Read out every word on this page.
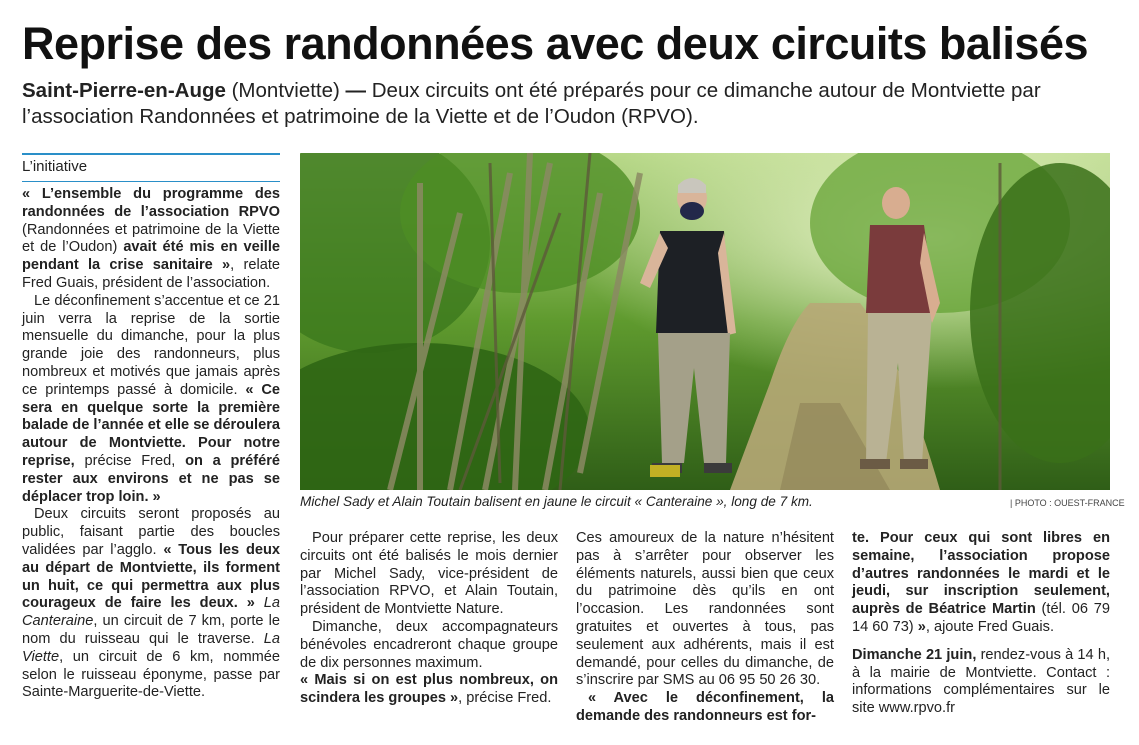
Reprise des randonnées avec deux circuits balisés
Saint-Pierre-en-Auge (Montviette) — Deux circuits ont été préparés pour ce dimanche autour de Montviette par l’association Randonnées et patrimoine de la Viette et de l’Oudon (RPVO).
L’initiative

« L’ensemble du programme des randonnées de l’association RPVO (Randonnées et patrimoine de la Viette et de l’Oudon) avait été mis en veille pendant la crise sanitaire », relate Fred Guais, président de l’association.

Le déconfinement s’accentue et ce 21 juin verra la reprise de la sortie mensuelle du dimanche, pour la plus grande joie des randonneurs, plus nombreux et motivés que jamais après ce printemps passé à domicile. « Ce sera en quelque sorte la première balade de l’année et elle se déroulera autour de Montviette. Pour notre reprise, précise Fred, on a préféré rester aux environs et ne pas se déplacer trop loin. »

Deux circuits seront proposés au public, faisant partie des boucles validées par l’agglo. « Tous les deux au départ de Montviette, ils forment un huit, ce qui permettra aux plus courageux de faire les deux. » La Canteraine, un circuit de 7 km, porte le nom du ruisseau qui le traverse. La Viette, un circuit de 6 km, nommée selon le ruisseau éponyme, passe par Sainte-Marguerite-de-Viette.

Michel Sady et Alain Toutain balisent en jaune le circuit « Canteraine », long de 7 km.	| PHOTO : OUEST-FRANCE

Pour préparer cette reprise, les deux circuits ont été balisés le mois dernier par Michel Sady, vice-président de l’association RPVO, et Alain Toutain, président de Montviette Nature.

Dimanche, deux accompagnateurs bénévoles encadreront chaque groupe de dix personnes maximum.

« Mais si on est plus nombreux, on scindera les groupes », précise Fred.

Ces amoureux de la nature n’hésitent pas à s’arrêter pour observer les éléments naturels, aussi bien que ceux du patrimoine dès qu’ils en ont l’occasion. Les randonnées sont gratuites et ouvertes à tous, pas seulement aux adhérents, mais il est demandé, pour celles du dimanche, de s’inscrire par SMS au 06 95 50 26 30.

« Avec le déconfinement, la demande des randonneurs est for-

te. Pour ceux qui sont libres en semaine, l’association propose d’autres randonnées le mardi et le jeudi, sur inscription seulement, auprès de Béatrice Martin (tél. 06 79 14 60 73) », ajoute Fred Guais.

Dimanche 21 juin, rendez-vous à 14 h, à la mairie de Montviette. Contact : informations complémentaires sur le site www.rpvo.fr
